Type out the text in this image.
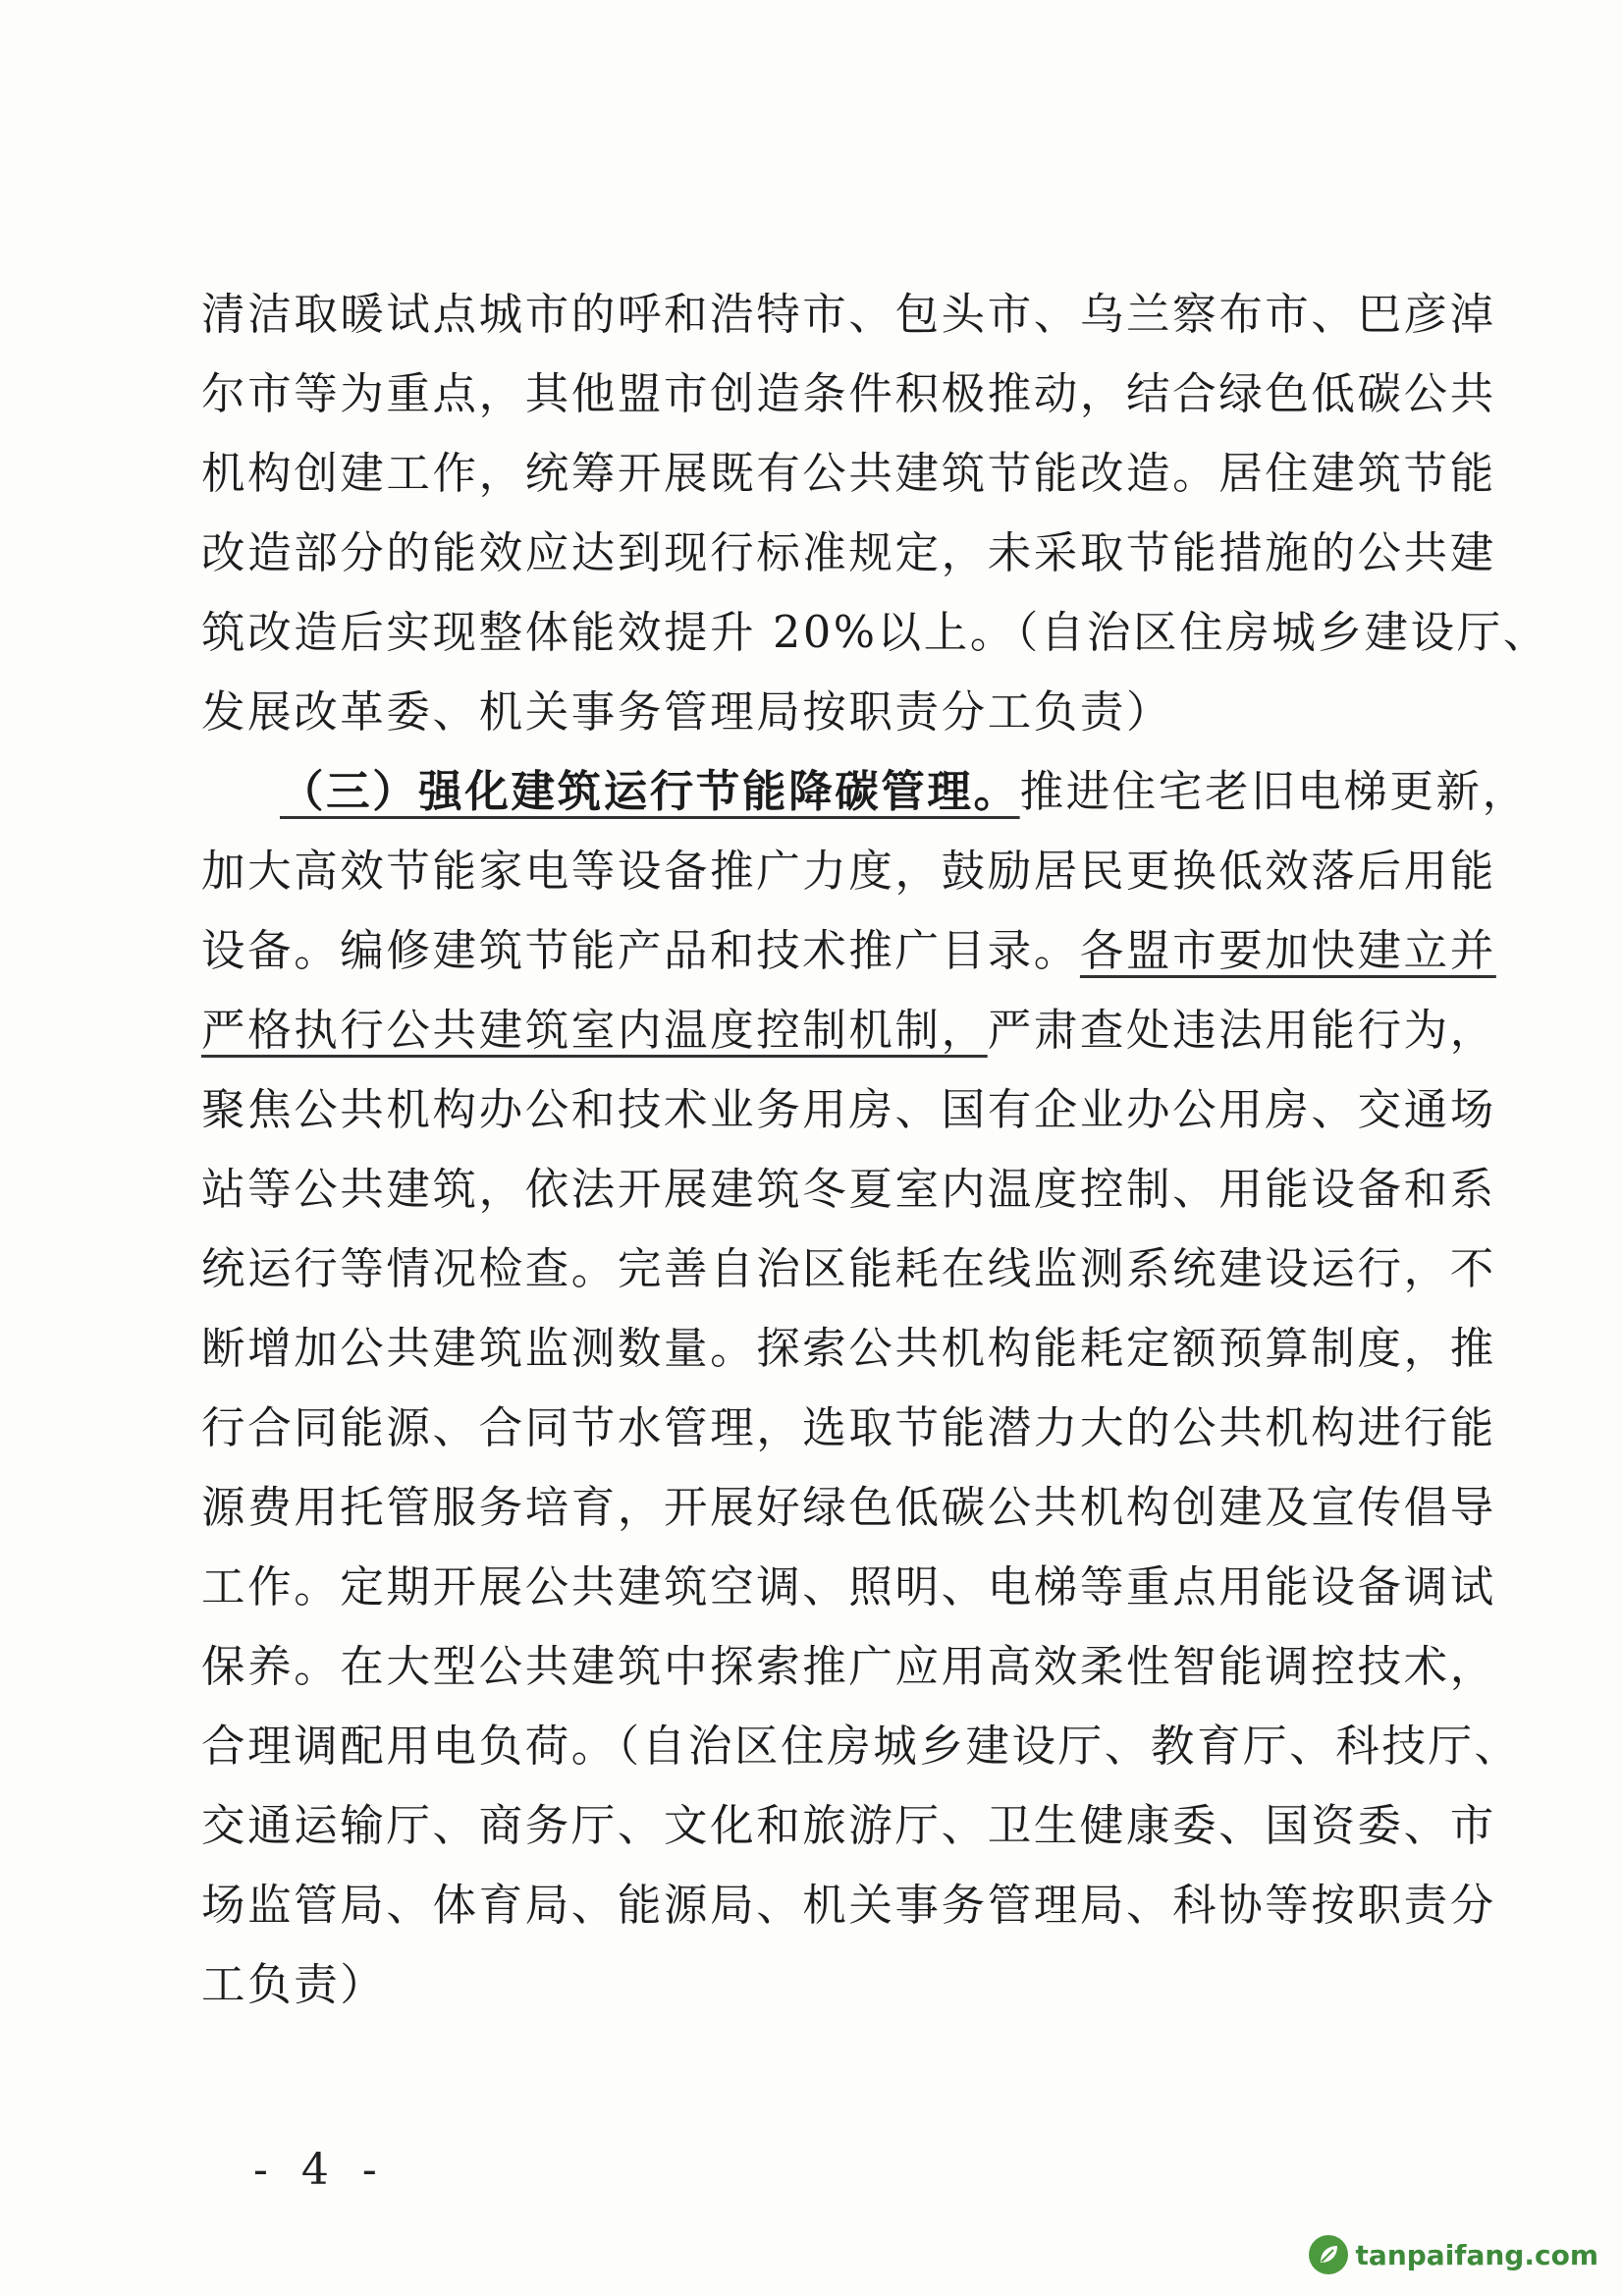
清洁取暖试点城市的呼和浩特市、包头市、乌兰察布市、巴彦淖
尔市等为重点，其他盟市创造条件积极推动，结合绿色低碳公共
机构创建工作，统筹开展既有公共建筑节能改造。居住建筑节能
改造部分的能效应达到现行标准规定，未采取节能措施的公共建
筑改造后实现整体能效提升 20%以上。（自治区住房城乡建设厅、
发展改革委、机关事务管理局按职责分工负责）
（三）强化建筑运行节能降碳管理。推进住宅老旧电梯更新，
加大高效节能家电等设备推广力度，鼓励居民更换低效落后用能
设备。编修建筑节能产品和技术推广目录。各盟市要加快建立并
严格执行公共建筑室内温度控制机制，严肃查处违法用能行为，
聚焦公共机构办公和技术业务用房、国有企业办公用房、交通场
站等公共建筑，依法开展建筑冬夏室内温度控制、用能设备和系
统运行等情况检查。完善自治区能耗在线监测系统建设运行，不
断增加公共建筑监测数量。探索公共机构能耗定额预算制度，推
行合同能源、合同节水管理，选取节能潜力大的公共机构进行能
源费用托管服务培育，开展好绿色低碳公共机构创建及宣传倡导
工作。定期开展公共建筑空调、照明、电梯等重点用能设备调试
保养。在大型公共建筑中探索推广应用高效柔性智能调控技术，
合理调配用电负荷。（自治区住房城乡建设厅、教育厅、科技厅、
交通运输厅、商务厅、文化和旅游厅、卫生健康委、国资委、市
场监管局、体育局、能源局、机关事务管理局、科协等按职责分
工负责）
- 4 -
tanpaifang.com
